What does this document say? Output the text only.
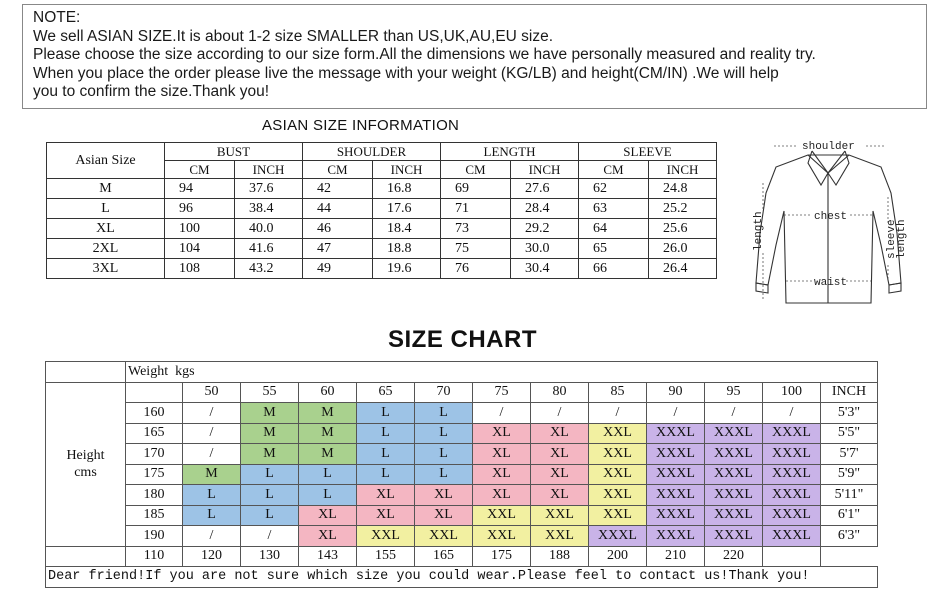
NOTE:
We sell ASIAN SIZE.It is about 1-2 size SMALLER than US,UK,AU,EU size.
Please choose the size according to our size form.All the dimensions we have personally measured and reality try.
When you place the order please live the message with your weight (KG/LB) and height(CM/IN) .We will help
you to confirm the size.Thank you!
ASIAN SIZE INFORMATION
Asian Size	BUST		SHOULDER		LENGTH		SLEEVE	
	CM	INCH	CM	INCH	CM	INCH	CM	INCH
M	94	37.6	42	16.8	69	27.6	62	24.8
L	96	38.4	44	17.6	71	28.4	63	25.2
XL	100	40.0	46	18.4	73	29.2	64	25.6
2XL	104	41.6	47	18.8	75	30.0	65	26.0
3XL	108	43.2	49	19.6	76	30.4	66	26.4
shoulder
chest
waist
length	sleevelength
SIZE CHART
	Weight  kgs												

Height
cms		50	55	60	65	70	75	80	85	90	95	100	INCH
	160	/	M	M	L	L	/	/	/	/	/	/	5'3"
	165	/	M	M	L	L	XL	XL	XXL	XXXL	XXXL	XXXL	5'5"
	170	/	M	M	L	L	XL	XL	XXL	XXXL	XXXL	XXXL	5'7'
	175	M	L	L	L	L	XL	XL	XXL	XXXL	XXXL	XXXL	5'9"
	180	L	L	L	XL	XL	XL	XL	XXL	XXXL	XXXL	XXXL	5'11"
	185	L	L	XL	XL	XL	XXL	XXL	XXL	XXXL	XXXL	XXXL	6'1"
	190	/	/	XL	XXL	XXL	XXL	XXL	XXXL	XXXL	XXXL	XXXL	6'3"
	110	120	130	143	155	165	175	188	200	210	220		
Dear friend!If you are not sure which size you could wear.Please feel to contact us!Thank you!													
